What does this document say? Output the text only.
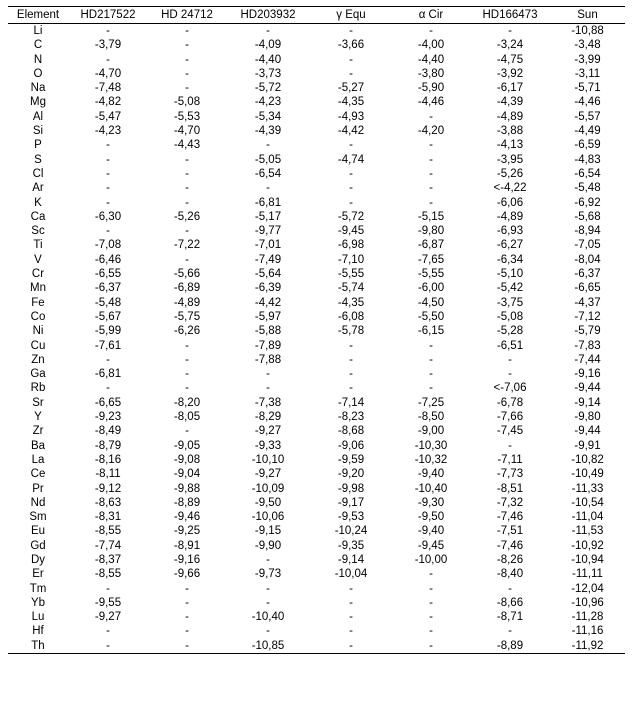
Element	HD217522	HD 24712	HD203932	γ Equ	α Cir	HD166473	Sun
Li	-	-	-	-	-	-	-10,88
C	-3,79	-	-4,09	-3,66	-4,00	-3,24	-3,48
N	-	-	-4,40	-	-4,40	-4,75	-3,99
O	-4,70	-	-3,73	-	-3,80	-3,92	-3,11
Na	-7,48	-	-5,72	-5,27	-5,90	-6,17	-5,71
Mg	-4,82	-5,08	-4,23	-4,35	-4,46	-4,39	-4,46
Al	-5,47	-5,53	-5,34	-4,93	-	-4,89	-5,57
Si	-4,23	-4,70	-4,39	-4,42	-4,20	-3,88	-4,49
P	-	-4,43	-	-	-	-4,13	-6,59
S	-	-	-5,05	-4,74	-	-3,95	-4,83
Cl	-	-	-6,54	-	-	-5,26	-6,54
Ar	-	-	-	-	-	<-4,22	-5,48
K	-	-	-6,81	-	-	-6,06	-6,92
Ca	-6,30	-5,26	-5,17	-5,72	-5,15	-4,89	-5,68
Sc	-	-	-9,77	-9,45	-9,80	-6,93	-8,94
Ti	-7,08	-7,22	-7,01	-6,98	-6,87	-6,27	-7,05
V	-6,46	-	-7,49	-7,10	-7,65	-6,34	-8,04
Cr	-6,55	-5,66	-5,64	-5,55	-5,55	-5,10	-6,37
Mn	-6,37	-6,89	-6,39	-5,74	-6,00	-5,42	-6,65
Fe	-5,48	-4,89	-4,42	-4,35	-4,50	-3,75	-4,37
Co	-5,67	-5,75	-5,97	-6,08	-5,50	-5,08	-7,12
Ni	-5,99	-6,26	-5,88	-5,78	-6,15	-5,28	-5,79
Cu	-7,61	-	-7,89	-	-	-6,51	-7,83
Zn	-	-	-7,88	-	-	-	-7,44
Ga	-6,81	-	-	-	-	-	-9,16
Rb	-	-	-	-	-	<-7,06	-9,44
Sr	-6,65	-8,20	-7,38	-7,14	-7,25	-6,78	-9,14
Y	-9,23	-8,05	-8,29	-8,23	-8,50	-7,66	-9,80
Zr	-8,49	-	-9,27	-8,68	-9,00	-7,45	-9,44
Ba	-8,79	-9,05	-9,33	-9,06	-10,30	-	-9,91
La	-8,16	-9,08	-10,10	-9,59	-10,32	-7,11	-10,82
Ce	-8,11	-9,04	-9,27	-9,20	-9,40	-7,73	-10,49
Pr	-9,12	-9,88	-10,09	-9,98	-10,40	-8,51	-11,33
Nd	-8,63	-8,89	-9,50	-9,17	-9,30	-7,32	-10,54
Sm	-8,31	-9,46	-10,06	-9,53	-9,50	-7,46	-11,04
Eu	-8,55	-9,25	-9,15	-10,24	-9,40	-7,51	-11,53
Gd	-7,74	-8,91	-9,90	-9,35	-9,45	-7,46	-10,92
Dy	-8,37	-9,16	-	-9,14	-10,00	-8,26	-10,94
Er	-8,55	-9,66	-9,73	-10,04	-	-8,40	-11,11
Tm	-	-	-	-	-	-	-12,04
Yb	-9,55	-	-	-	-	-8,66	-10,96
Lu	-9,27	-	-10,40	-	-	-8,71	-11,28
Hf	-	-	-	-	-	-	-11,16
Th	-	-	-10,85	-	-	-8,89	-11,92
